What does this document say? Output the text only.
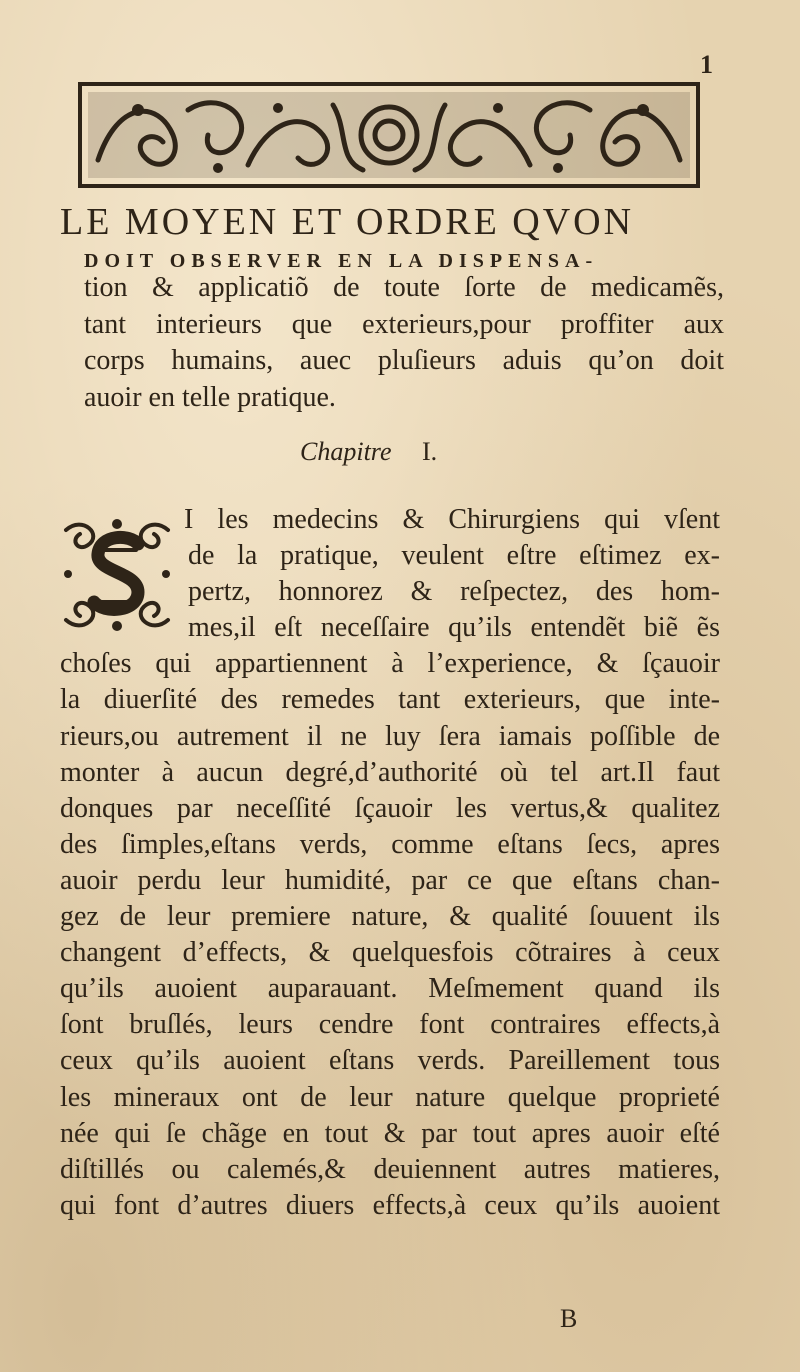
1
LE MOYEN ET ORDRE QVON
DOIT OBSERVER EN LA DISPENSA-
tion & applicatiõ de toute ſorte de medicamẽs,
tant interieurs que exterieurs,pour proffiter aux
corps humains, auec pluſieurs aduis qu’on doit
auoir en telle pratique.
Chapitre I.
I les medecins & Chirurgiens qui vſent
de la pratique, veulent eſtre eſtimez ex-
pertz, honnorez & reſpectez, des hom-
mes,il eſt neceſſaire qu’ils entendẽt biẽ ẽs
choſes qui appartiennent à l’experience, & ſçauoir
la diuerſité des remedes tant exterieurs, que inte-
rieurs,ou autrement il ne luy ſera iamais poſſible de
monter à aucun degré,d’authorité où tel art.Il faut
donques par neceſſité ſçauoir les vertus,& qualitez
des ſimples,eſtans verds, comme eſtans ſecs, apres
auoir perdu leur humidité, par ce que eſtans chan-
gez de leur premiere nature, & qualité ſouuent ils
changent d’effects, & quelquesfois cõtraires à ceux
qu’ils auoient auparauant. Meſmement quand ils
ſont bruſlés, leurs cendre font contraires effects,à
ceux qu’ils auoient eſtans verds. Pareillement tous
les mineraux ont de leur nature quelque proprieté
née qui ſe chãge en tout & par tout apres auoir eſté
diſtillés ou calemés,& deuiennent autres matieres,
qui font d’autres diuers effects,à ceux qu’ils auoient
B
